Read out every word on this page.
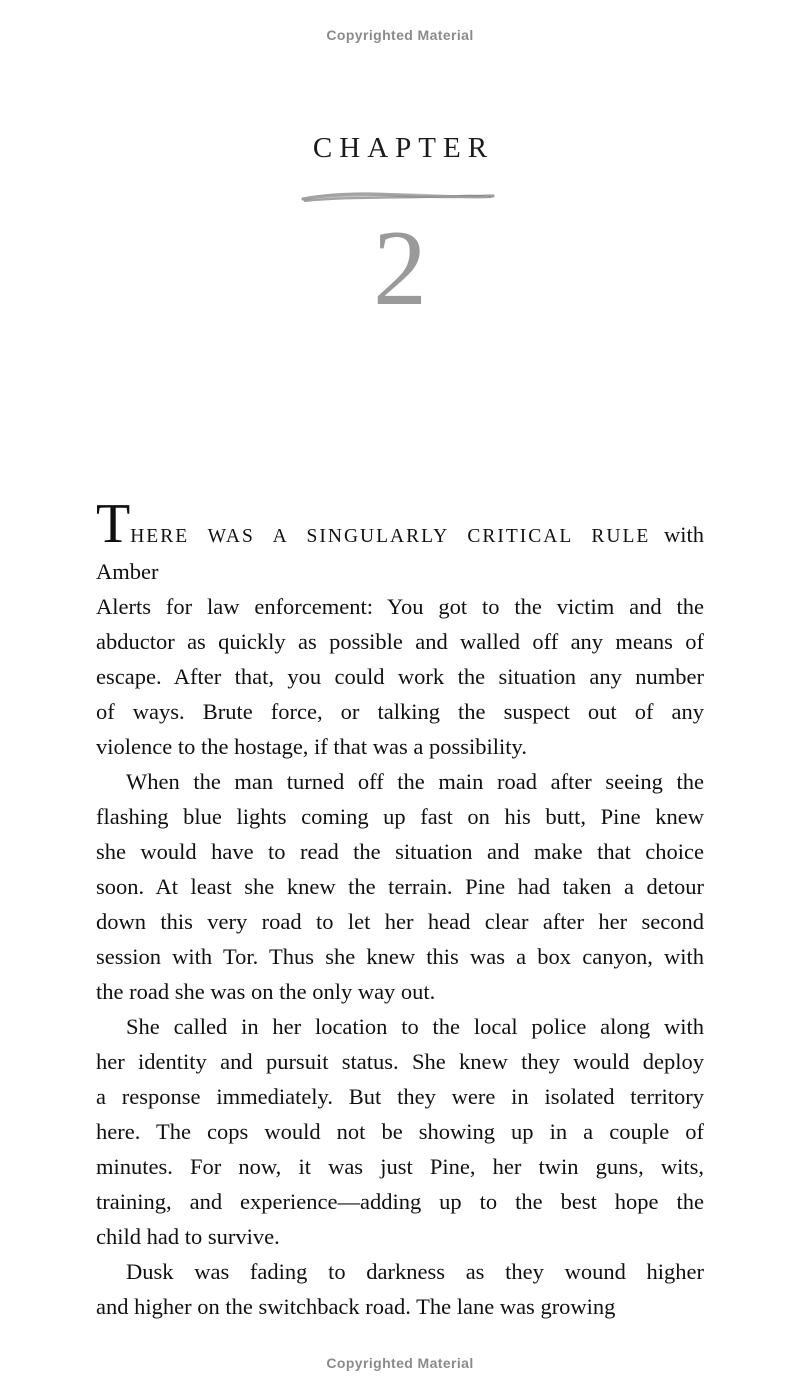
Copyrighted Material
CHAPTER
2
THERE WAS A SINGULARLY CRITICAL RULE with Amber
Alerts for law enforcement: You got to the victim and the
abductor as quickly as possible and walled off any means of
escape. After that, you could work the situation any number
of ways. Brute force, or talking the suspect out of any
violence to the hostage, if that was a possibility.
When the man turned off the main road after seeing the
flashing blue lights coming up fast on his butt, Pine knew
she would have to read the situation and make that choice
soon. At least she knew the terrain. Pine had taken a detour
down this very road to let her head clear after her second
session with Tor. Thus she knew this was a box canyon, with
the road she was on the only way out.
She called in her location to the local police along with
her identity and pursuit status. She knew they would deploy
a response immediately. But they were in isolated territory
here. The cops would not be showing up in a couple of
minutes. For now, it was just Pine, her twin guns, wits,
training, and experience—adding up to the best hope the
child had to survive.
Dusk was fading to darkness as they wound higher
and higher on the switchback road. The lane was growing
Copyrighted Material
